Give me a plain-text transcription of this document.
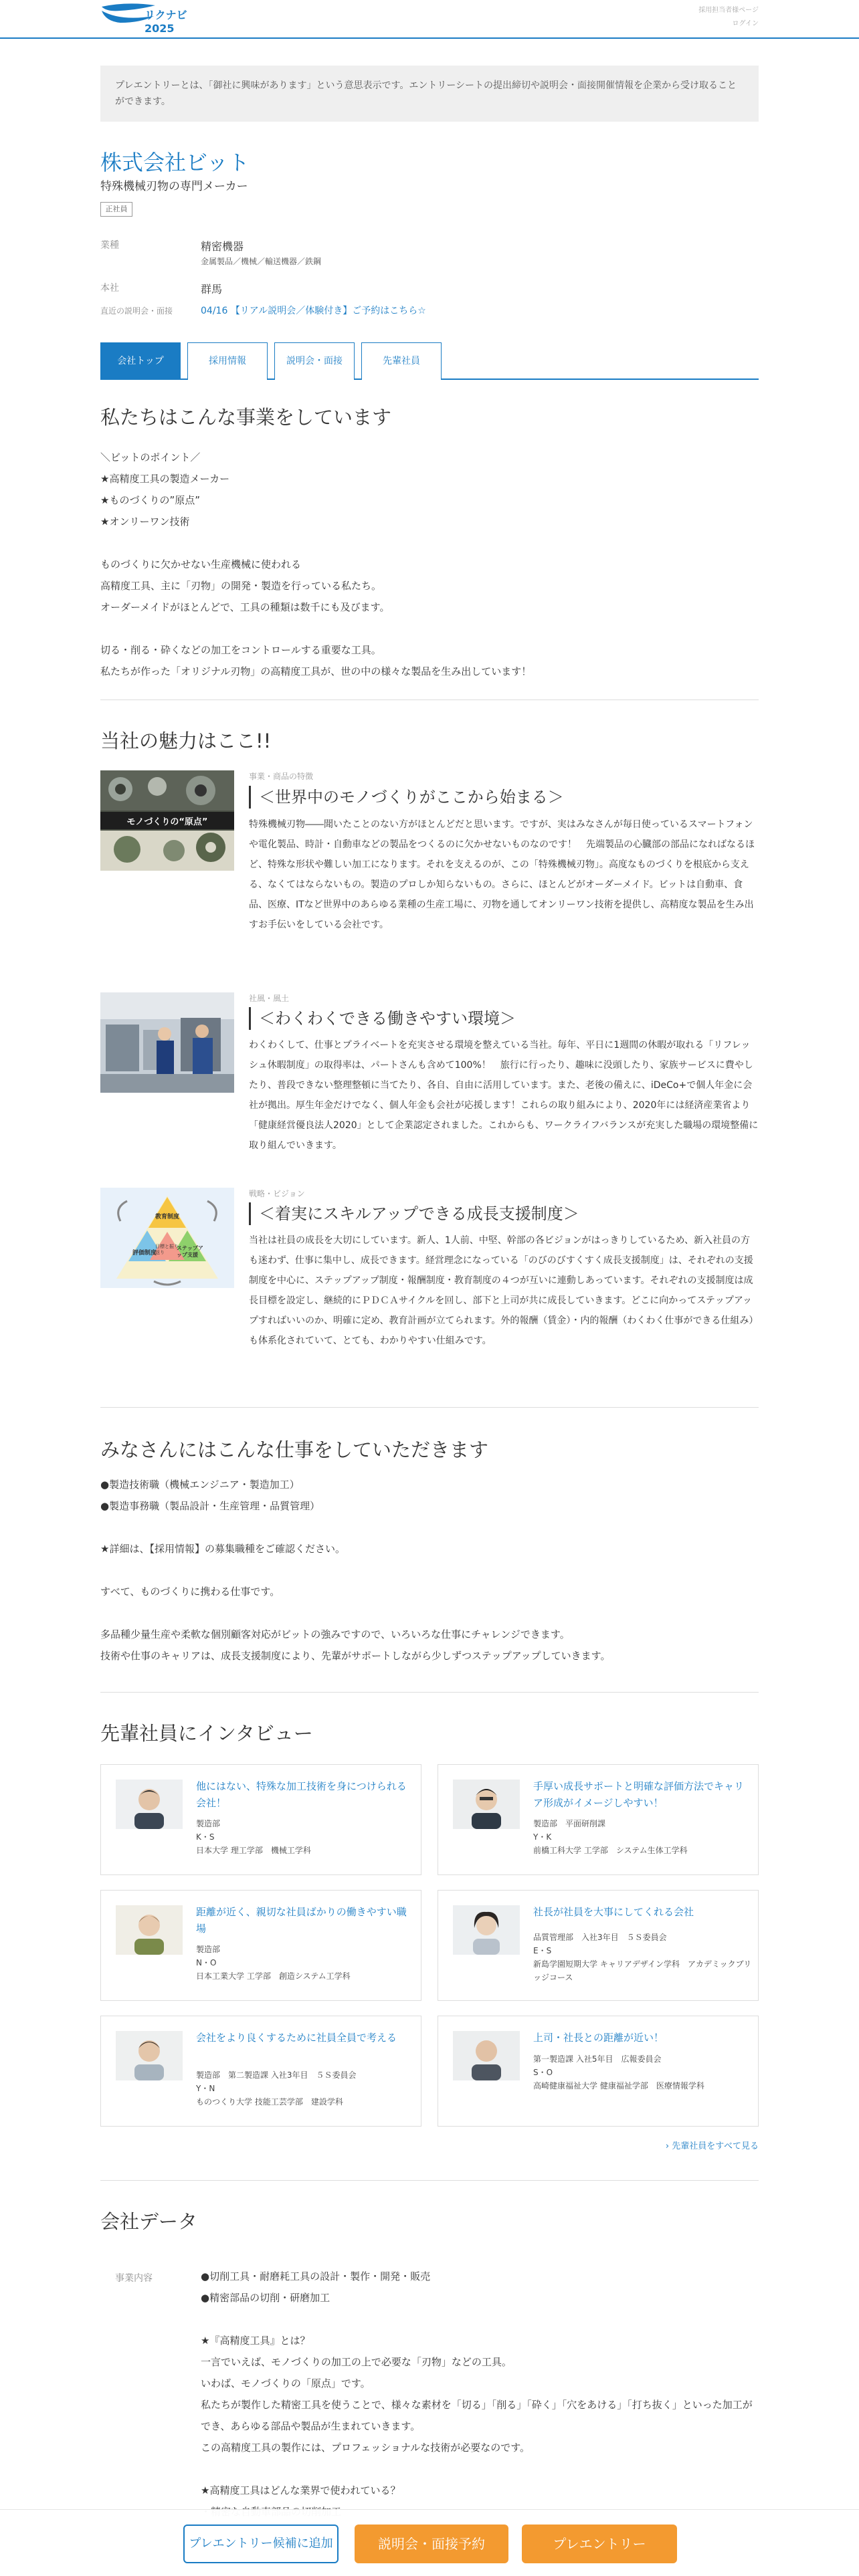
リクナビ2025
採用担当者様ページ
ログイン
プレエントリーとは、「御社に興味があります」という意思表示です。エントリーシートの提出締切や説明会・面接開催情報を企業から受け取ることができます。
株式会社ビット
特殊機械刃物の専門メーカー
正社員
業種	精密機器
金属製品／機械／輸送機器／鉄鋼
本社	群馬
直近の説明会・面接	04/16 【リアル説明会／体験付き】ご予約はこちら☆
会社トップ	採用情報	説明会・面接	先輩社員
私たちはこんな事業をしています
＼ビットのポイント／
★高精度工具の製造メーカー
★ものづくりの”原点”
★オンリーワン技術
ものづくりに欠かせない生産機械に使われる
高精度工具、主に「刃物」の開発・製造を行っている私たち。
オーダーメイドがほとんどで、工具の種類は数千にも及びます。
切る・削る・砕くなどの加工をコントロールする重要な工具。
私たちが作った「オリジナル刃物」の高精度工具が、世の中の様々な製品を生み出しています！
当社の魅力はここ!!
モノづくりの“原点”
事業・商品の特徴
＜世界中のモノづくりがここから始まる＞
特殊機械刃物――聞いたことのない方がほとんどだと思います。ですが、実はみなさんが毎日使っているスマートフォンや電化製品、時計・自動車などの製品をつくるのに欠かせないものなのです！　先端製品の心臓部の部品になればなるほど、特殊な形状や難しい加工になります。それを支えるのが、この「特殊機械刃物」。高度なものづくりを根底から支える、なくてはならないもの。製造のプロしか知らないもの。さらに、ほとんどがオーダーメイド。ビットは自動車、食品、医療、ITなど世界中のあらゆる業種の生産工場に、刃物を通してオンリーワン技術を提供し、高精度な製品を生み出すお手伝いをしている会社です。
社風・風土
＜わくわくできる働きやすい環境＞
わくわくして、仕事とプライベートを充実させる環境を整えている当社。毎年、平日に1週間の休暇が取れる「リフレッシュ休暇制度」の取得率は、パートさんも含めて100%！　旅行に行ったり、趣味に没頭したり、家族サービスに費やしたり、普段できない整理整頓に当てたり、各自、自由に活用しています。また、老後の備えに、iDeCo+で個人年金に会社が拠出。厚生年金だけでなく、個人年金も会社が応援します！これらの取り組みにより、2020年には経済産業省より「健康経営優良法人2020」として企業認定されました。これからも、ワークライフバランスが充実した職場の環境整備に取り組んでいきます。
教育制度
評価制度
ステップアップ支援
目標と振り返り
戦略・ビジョン
＜着実にスキルアップできる成長支援制度＞
当社は社員の成長を大切にしています。新人、1人前、中堅、幹部の各ビジョンがはっきりしているため、新入社員の方も迷わず、仕事に集中し、成長できます。経営理念になっている「のびのびすくすく成長支援制度」は、それぞれの支援制度を中心に、ステップアップ制度・報酬制度・教育制度の４つが互いに連動しあっています。それぞれの支援制度は成長目標を設定し、継続的にＰＤＣＡサイクルを回し、部下と上司が共に成長していきます。どこに向かってステップアップすればいいのか、明確に定め、教育計画が立てられます。外的報酬（賃金）・内的報酬（わくわく仕事ができる仕組み）も体系化されていて、とても、わかりやすい仕組みです。
みなさんにはこんな仕事をしていただきます
●製造技術職（機械エンジニア・製造加工）
●製造事務職（製品設計・生産管理・品質管理）
★詳細は、【採用情報】の募集職種をご確認ください。
すべて、ものづくりに携わる仕事です。
多品種少量生産や柔軟な個別顧客対応がビットの強みですので、いろいろな仕事にチャレンジできます。
技術や仕事のキャリアは、成長支援制度により、先輩がサポートしながら少しずつステップアップしていきます。
先輩社員にインタビュー
他にはない、特殊な加工技術を身につけられる会社！
製造部
K・S
日本大学 理工学部　機械工学科
手厚い成長サポートと明確な評価方法でキャリア形成がイメージしやすい！
製造部　平面研削課
Y・K
前橋工科大学 工学部　システム生体工学科
距離が近く、親切な社員ばかりの働きやすい職場
製造部
N・O
日本工業大学 工学部　創造システム工学科
社長が社員を大事にしてくれる会社
品質管理部　入社3年目　５Ｓ委員会
E・S
新島学園短期大学 キャリアデザイン学科　アカデミックブリッジコース
会社をより良くするために社員全員で考える
製造部　第二製造課 入社3年目　５Ｓ委員会
Y・N
ものつくり大学 技能工芸学部　建設学科
上司・社長との距離が近い！
第一製造課 入社5年目　広報委員会
S・O
高崎健康福祉大学 健康福祉学部　医療情報学科
› 先輩社員をすべて見る
会社データ
事業内容	●切削工具・耐磨耗工具の設計・製作・開発・販売
●精密部品の切削・研磨加工
★『高精度工具』とは？
一言でいえば、モノづくりの加工の上で必要な「刃物」などの工具。
いわば、モノづくりの「原点」です。
私たちが製作した精密工具を使うことで、様々な素材を「切る」「削る」「砕く」「穴をあける」「打ち抜く」といった加工ができ、あらゆる部品や製品が生まれていきます。
この高精度工具の製作には、プロフェッショナルな技術が必要なのです。
★高精度工具はどんな業界で使われている？
プレエントリー候補に追加	説明会・面接予約	プレエントリー
